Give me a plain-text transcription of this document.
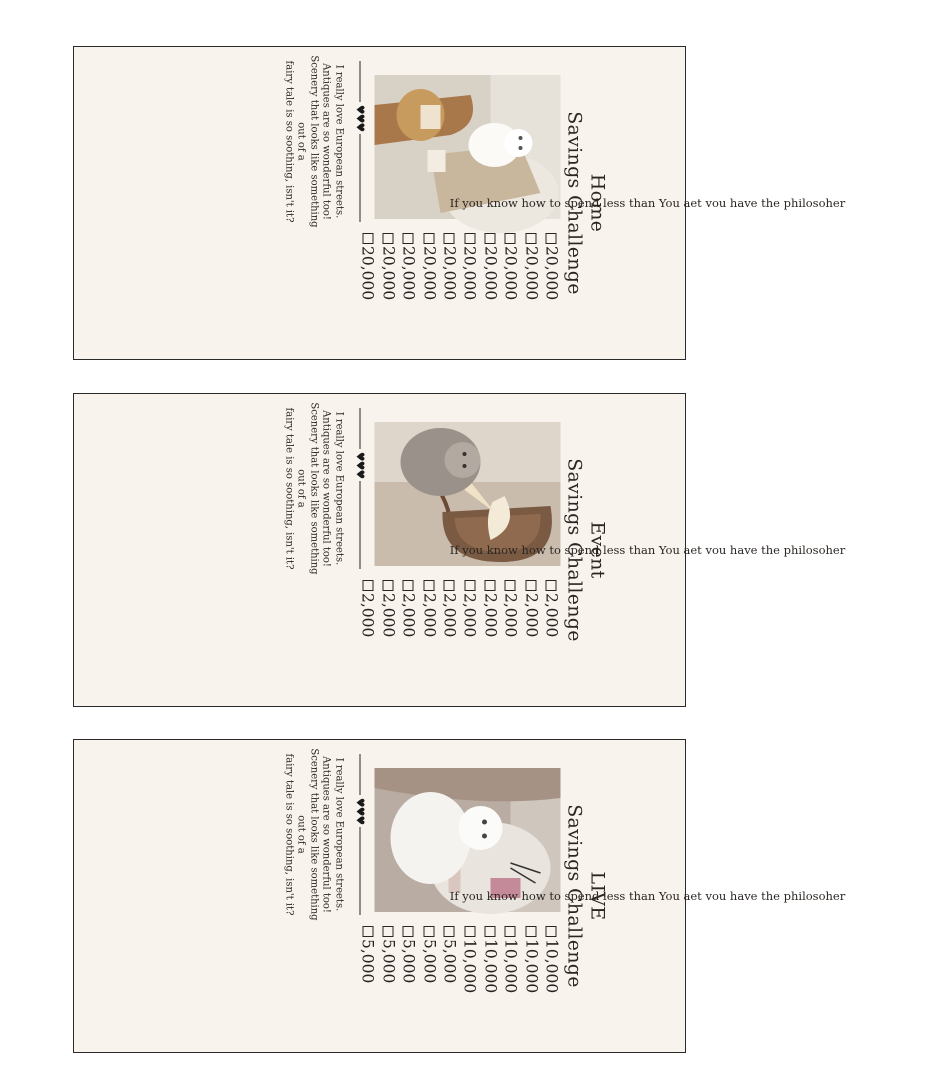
Home
Savings Challenge
20,000
20,000
20,000
20,000
20,000
20,000
20,000
20,000
20,000
20,000
♥♥♥
I really love European streets.
Antiques are so wonderful too!
Scenery that looks like something out of a
fairy tale is so soothing, isn't it?	If you know how to spend less than You aet vou have the philosoher
Event
Savings Challenge
2,000
2,000
2,000
2,000
2,000
2,000
2,000
2,000
2,000
2,000
♥♥♥
I really love European streets.
Antiques are so wonderful too!
Scenery that looks like something out of a
fairy tale is so soothing, isn't it?	If you know how to spend less than You aet vou have the philosoher
LIVE
Savings Challenge
10,000
10,000
10,000
10,000
10,000
5,000
5,000
5,000
5,000
5,000
♥♥♥
I really love European streets.
Antiques are so wonderful too!
Scenery that looks like something out of a
fairy tale is so soothing, isn't it?	If you know how to spend less than You aet vou have the philosoher
